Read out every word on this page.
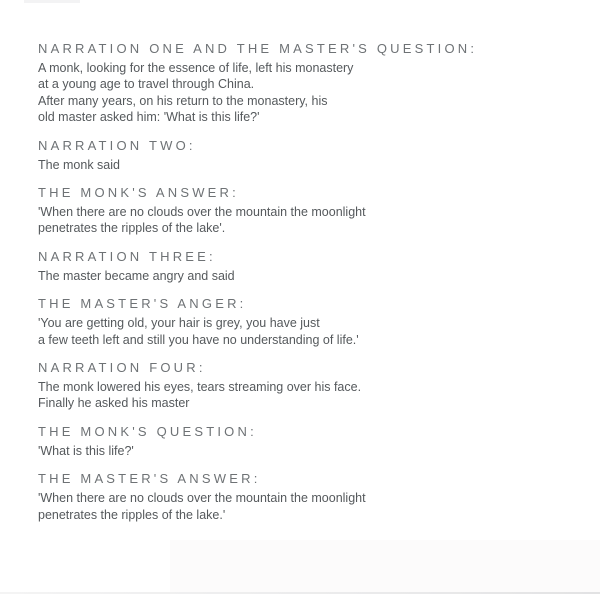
NARRATION ONE AND THE MASTER'S QUESTION:

A monk, looking for the essence of life, left his monastery

at a young age to travel through China.

After many years, on his return to the monastery, his

old master asked him: 'What is this life?'

NARRATION TWO:

The monk said

THE MONK'S ANSWER:

'When there are no clouds over the mountain the moonlight

penetrates the ripples of the lake'.

NARRATION THREE:

The master became angry and said

THE MASTER'S ANGER:

'You are getting old, your hair is grey, you have just

a few teeth left and still you have no understanding of life.'

NARRATION FOUR:

The monk lowered his eyes, tears streaming over his face.

Finally he asked his master

THE MONK'S QUESTION:

'What is this life?'

THE MASTER'S ANSWER:

'When there are no clouds over the mountain the moonlight

penetrates the ripples of the lake.'
